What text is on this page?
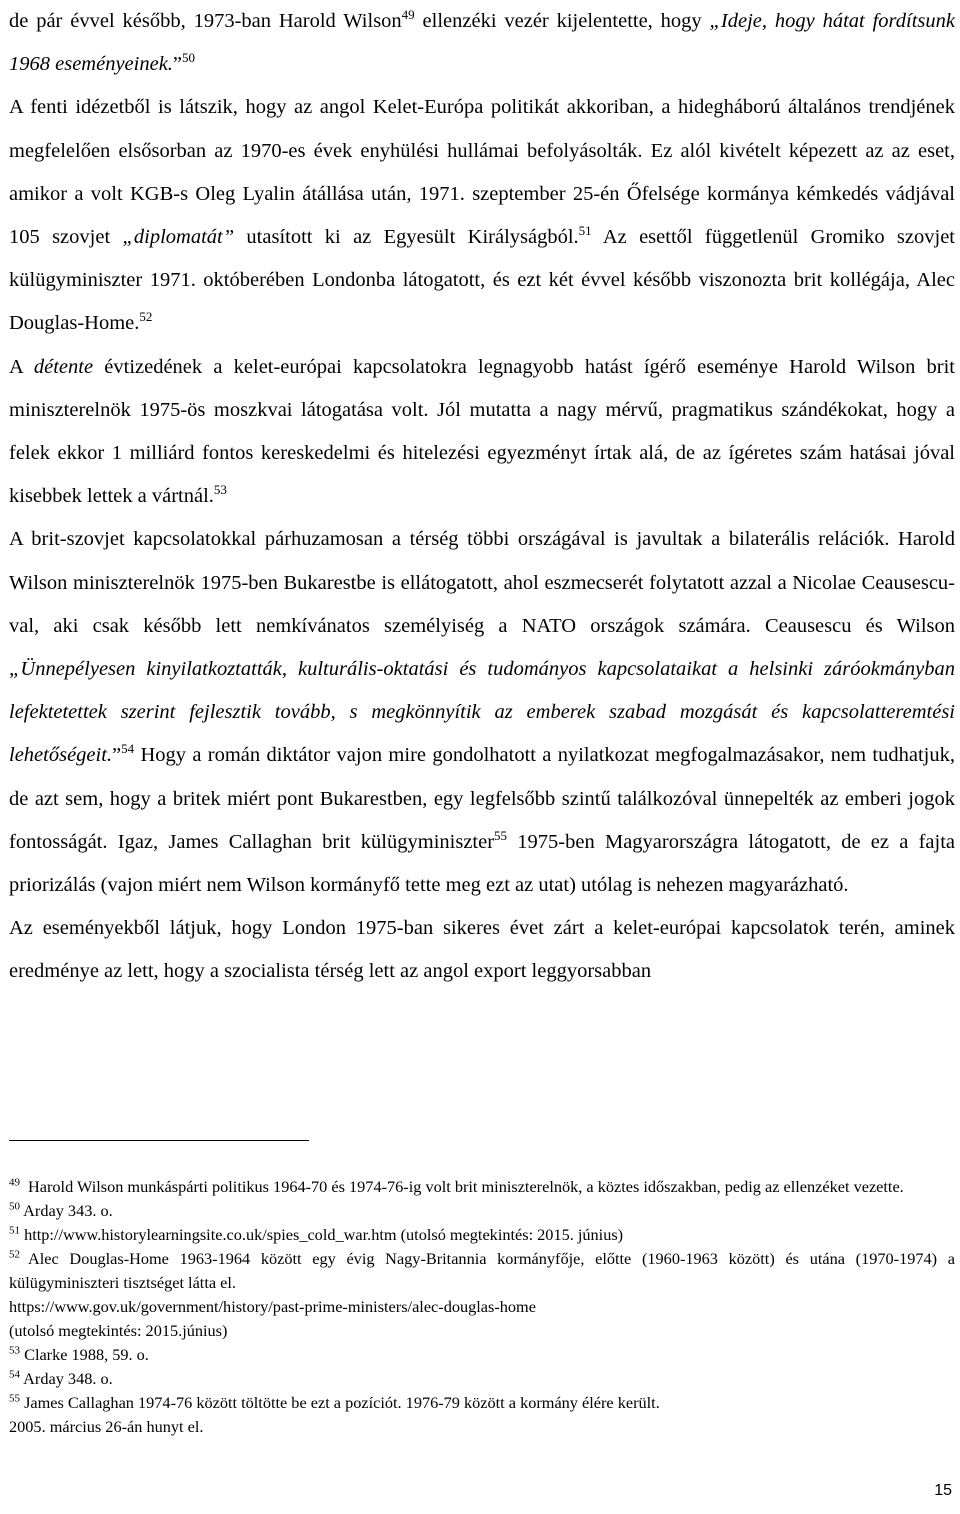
de pár évvel később, 1973-ban Harold Wilson$^{49}$ ellenzéki vezér kijelentette, hogy „Ideje, hogy hátat fordítsunk 1968 eseményeinek.”$^{50}$

A fenti idézetből is látszik, hogy az angol Kelet-Európa politikát akkoriban, a hidegháború általános trendjének megfelelően elsősorban az 1970-es évek enyhülési hullámai befolyásolták. Ez alól kivételt képezett az az eset, amikor a volt KGB-s Oleg Lyalin átállása után, 1971. szeptember 25-én Őfelsége kormánya kémkedés vádjával 105 szovjet „diplomatát” utasított ki az Egyesült Királyságból.$^{51}$ Az esettől függetlenül Gromiko szovjet külügyminiszter 1971. októberében Londonba látogatott, és ezt két évvel később viszonozta brit kollégája, Alec Douglas-Home.$^{52}$

A détente évtizedének a kelet-európai kapcsolatokra legnagyobb hatást ígérő eseménye Harold Wilson brit miniszterelnök 1975-ös moszkvai látogatása volt. Jól mutatta a nagy mérvű, pragmatikus szándékokat, hogy a felek ekkor 1 milliárd fontos kereskedelmi és hitelezési egyezményt írtak alá, de az ígéretes szám hatásai jóval kisebbek lettek a vártnál.$^{53}$

A brit-szovjet kapcsolatokkal párhuzamosan a térség többi országával is javultak a bilaterális relációk. Harold Wilson miniszterelnök 1975-ben Bukarestbe is ellátogatott, ahol eszmecserét folytatott azzal a Nicolae Ceausescu-val, aki csak később lett nemkívánatos személyiség a NATO országok számára. Ceausescu és Wilson „Ünnepélyesen kinyilatkoztatták, kulturális-oktatási és tudományos kapcsolataikat a helsinki záróokmányban lefektetettek szerint fejlesztik tovább, s megkönnyítik az emberek szabad mozgását és kapcsolatteremtési lehetőségeit.”$^{54}$ Hogy a román diktátor vajon mire gondolhatott a nyilatkozat megfogalmazásakor, nem tudhatjuk, de azt sem, hogy a britek miért pont Bukarestben, egy legfelsőbb szintű találkozóval ünnepelték az emberi jogok fontosságát. Igaz, James Callaghan brit külügyminiszter$^{55}$ 1975-ben Magyarországra látogatott, de ez a fajta priorizálás (vajon miért nem Wilson kormányfő tette meg ezt az utat) utólag is nehezen magyarázható.

Az eseményekből látjuk, hogy London 1975-ban sikeres évet zárt a kelet-európai kapcsolatok terén, aminek eredménye az lett, hogy a szocialista térség lett az angol export leggyorsabban

$^{49}$ Harold Wilson munkáspárti politikus 1964-70 és 1974-76-ig volt brit miniszterelnök, a köztes időszakban, pedig az ellenzéket vezette.

$^{50}$ Arday 343. o.

$^{51}$ http://www.historylearningsite.co.uk/spies_cold_war.htm (utolsó megtekintés: 2015. június)

$^{52}$ Alec Douglas-Home 1963-1964 között egy évig Nagy-Britannia kormányfője, előtte (1960-1963 között) és utána (1970-1974) a külügyminiszteri tisztséget látta el.

https://www.gov.uk/government/history/past-prime-ministers/alec-douglas-home

(utolsó megtekintés: 2015.június)

$^{53}$ Clarke 1988, 59. o.

$^{54}$ Arday 348. o.

$^{55}$ James Callaghan 1974-76 között töltötte be ezt a pozíciót. 1976-79 között a kormány élére került.

2005. március 26-án hunyt el.

15
